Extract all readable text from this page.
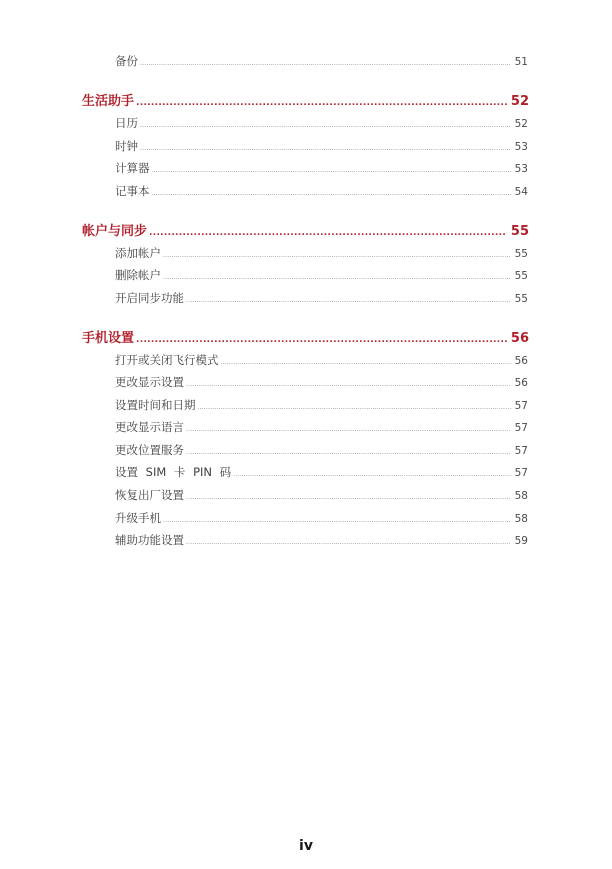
备份 .....	51
生活助手 .....	52
日历 .....	52
时钟 .....	53
计算器 .....	53
记事本 .....	54
帐户与同步 .....	55
添加帐户 .....	55
删除帐户 .....	55
开启同步功能 .....	55
手机设置 .....	56
打开或关闭飞行模式 .....	56
更改显示设置 .....	56
设置时间和日期 .....	57
更改显示语言 .....	57
更改位置服务 .....	57
设置 SIM 卡 PIN 码 .....	57
恢复出厂设置 .....	58
升级手机 .....	58
辅助功能设置 .....	59
iv
